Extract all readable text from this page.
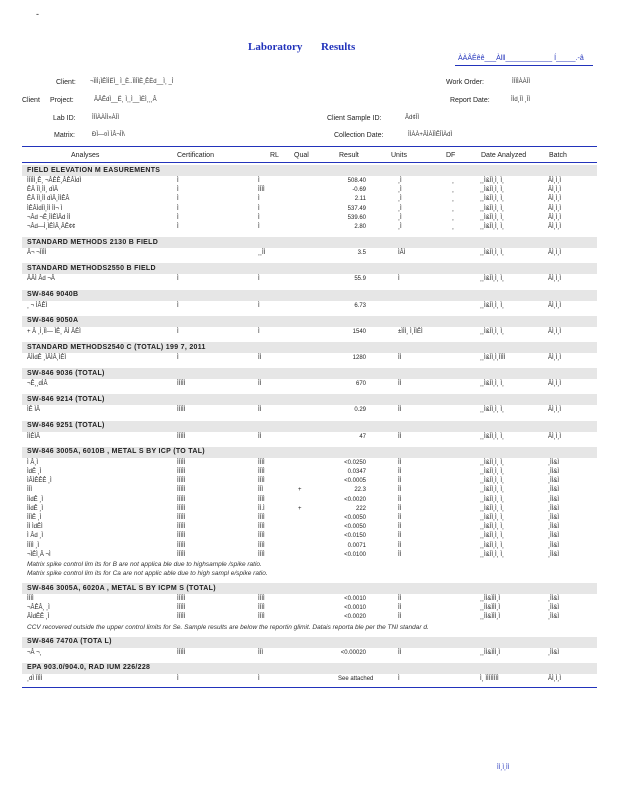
-
Laboratory Results
ÀÀÂÊêê___Àlll____________ Í_____.-â
Client: ¬ÌÌÌ¡ÌÊÌÌËÌ_ Ì_È..ÌÌÌÌÈ¸ÊËd__Ì¸ _Ì
Client Project:	ÂÂÊdÌ__Ë¸ Ì¸¸Ì__ÌËÌ¸¸¸Â
Lab ID:	ÌÌÌÀÀÌÌ»ÀÌÌ
Matrix:	ÐÌ—¤Ì ÌÂ¬ÌÌ\
Work Order:	ÌÌÌÌÀÀÌÌ
Report Date:	ÌÌd¸ÌÌ ¸ÌÌ
Client Sample ID:	Âd¢ÌÌ
Collection Date:	ÌÌÀÀ+ÂÌÀÌÌÊÌÌÀdÌ
Analyses	Certification	RL Qual	Result	Units	DF	Date Analyzed	Batch
FIELD ELEVATION M EASUREMENTS
ÌÌÌÌÌ¸Ê¸ ¬ÂÊÊ¸ÂÊÂÌdÌ	Ì	Ì	508.40	¸Ì	¸	¸¸Ì&ÌÌ¸Ì¸ Ì¸	ÂÌ¸Ì¸Ì
ÊÂ ÌÌ¸ÌÌ¸ dÌÂ	Ì	ÌÌÌÌ	-0.69	¸Ì	¸	¸¸Ì&ÌÌ¸Ì¸ Ì¸	ÂÌ¸Ì¸Ì
ÊÂ ÌÌ¸ÌÌ dÌÂ¸ÌÌÊÂ	Ì	Ì	2.11	¸Ì	¸	¸¸Ì&ÌÌ¸Ì¸ Ì¸	ÂÌ¸Ì¸Ì
ÌÊÂÌdÌÌ¸ÌÌ ÌÌ¬ Ì	Ì	Ì	537.49	¸Ì	¸	¸¸Ì&ÌÌ¸Ì¸ Ì¸	ÂÌ¸Ì¸Ì
¬Âd ¬Ê¸ÌÌÊÌÂd ÌÌ	Ì	Ì	539.60	¸Ì	¸	¸¸Ì&ÌÌ¸Ì¸ Ì¸	ÂÌ¸Ì¸Ì
¬Âd—Ì¸ÌÊÌÂ¸ÂÊ¢¢	Ì	Ì	2.80	¸Ì	¸	¸¸Ì&ÌÌ¸Ì¸ Ì¸	ÂÌ¸Ì¸Ì
STANDARD METHODS 2130 B FIELD
Â¬ ¬ÌÌÌÌ	¸¸ÌÌ	3.5	ÌÂÌ	¸¸Ì&ÌÌ¸Ì¸ Ì¸	ÂÌ¸Ì¸Ì
STANDARD METHODS2550 B FIELD
ÂÂÌ Âd ¬Â	Ì	Ì	55.9	Ì	¸¸Ì&ÌÌ¸Ì¸ Ì¸	ÂÌ¸Ì¸Ì
SW-846 9040B
¸ ¬ ÌÂÊÌ	Ì	Ì	6.73	¸¸Ì&ÌÌ¸Ì¸ Ì¸	ÂÌ¸Ì¸Ì
SW-846 9050A
+ Â ¸Ì¸ÌÌ— ÌÊ¸ ÂÌ ÂÊÌ	Ì	Ì	1540	±ÌÌÌ¸ Ì¸ÌÌÊÌ	¸¸Ì&ÌÌ¸Ì¸ Ì¸	ÂÌ¸Ì¸Ì
STANDARD METHODS2540 C (TOTAL) 199 7, 2011
ÂÌÌdÊ ¸ÌÂÌÂ¸ÌÊÌ	Ì	ÌÌ	1280	ÌÌ	¸¸Ì&ÌÌ¸Ì¸ÌÌÌÌ	ÂÌ¸Ì¸Ì
SW-846 9036 (TOTAL)
¬Ê¸¸dÌÂ	ÌÌÌÌÌ	ÌÌ	670	ÌÌ	¸¸Ì&ÌÌ¸Ì¸ Ì¸	ÂÌ¸Ì¸Ì
SW-846 9214 (TOTAL)
ÌÊ ÌÂ	ÌÌÌÌÌ	ÌÌ	0.29	ÌÌ	¸¸Ì&ÌÌ¸Ì¸ Ì¸	ÂÌ¸Ì¸Ì
SW-846 9251 (TOTAL)
ÌÌÊÌÂ	ÌÌÌÌÌ	ÌÌ	47	ÌÌ	¸¸Ì&ÌÌ¸Ì¸ Ì¸	ÂÌ¸Ì¸Ì
SW-846 3005A, 6010B , METAL S BY ICP (TO TAL)
Ì Â¸Ì	ÌÌÌÌÌ	ÌÌÌÌ	<0.0250	ÌÌ	¸¸Ì&ÌÌ¸Ì¸ Ì¸	¸ÌÌ&Ì
ÌdÊ ¸Ì	ÌÌÌÌÌ	ÌÌÌÌ	0.0347	ÌÌ	¸¸Ì&ÌÌ¸Ì¸ Ì¸	¸ÌÌ&Ì
ÌÂÌÊÊÊ ¸Ì	ÌÌÌÌÌ	ÌÌÌÌ	<0.0005	ÌÌ	¸¸Ì&ÌÌ¸Ì¸ Ì¸	¸ÌÌ&Ì
ÌÌÌ	ÌÌÌÌÌ	ÌÌÌ	+	22.3	ÌÌ	¸¸Ì&ÌÌ¸Ì¸ Ì¸	¸ÌÌ&Ì
ÌÌdÊ ¸Ì	ÌÌÌÌÌ	ÌÌÌÌ	<0.0020	ÌÌ	¸¸Ì&ÌÌ¸Ì¸ Ì¸	¸ÌÌ&Ì
ÌÌdÊ ¸Ì	ÌÌÌÌÌ	ÌÌ.Ì	+	222	ÌÌ	¸¸Ì&ÌÌ¸Ì¸ Ì¸	¸ÌÌ&Ì
ÌÌÌÊ ¸Ì	ÌÌÌÌÌ	ÌÌÌÌ	<0.0050	ÌÌ	¸¸Ì&ÌÌ¸Ì¸ Ì¸	¸ÌÌ&Ì
ÌÌ ÌdÊÌ	ÌÌÌÌÌ	ÌÌÌÌ	<0.0050	ÌÌ	¸¸Ì&ÌÌ¸Ì¸ Ì¸	¸ÌÌ&Ì
Ì Âd ¸Ì	ÌÌÌÌÌ	ÌÌÌÌ	<0.0150	ÌÌ	¸¸Ì&ÌÌ¸Ì¸ Ì¸	¸ÌÌ&Ì
ÌÌÌÌ ¸Ì	ÌÌÌÌÌ	ÌÌÌÌ	0.0071	ÌÌ	¸¸Ì&ÌÌ¸Ì¸ Ì¸	¸ÌÌ&Ì
¬ÌÊÌ¸Â ¬Ì	ÌÌÌÌÌ	ÌÌÌÌ	<0.0100	ÌÌ	¸¸Ì&ÌÌ¸Ì¸ Ì¸	¸ÌÌ&Ì
Matrix spike control lim its for B are not applica ble due to highsample /spike ratio.
Matrix spike control lim its for Ca are not applic able due to high sampl e/spike ratio.
SW-846 3005A, 6020A , METAL S BY ICPM S (TOTAL)
ÌÌÌÌ	ÌÌÌÌÌ	ÌÌÌÌ	<0.0010	ÌÌ	¸¸ÌÌ&ÌÌÌ¸Ì	¸ÌÌ&Ì
¬ÂÊÂ¸ ¸Ì	ÌÌÌÌÌ	ÌÌÌÌ	<0.0010	ÌÌ	¸¸ÌÌ&ÌÌÌ¸Ì	¸ÌÌ&Ì
ÂÌdÊÊ ¸Ì	ÌÌÌÌÌ	ÌÌÌÌ	<0.0020	ÌÌ	¸¸ÌÌ&ÌÌÌ¸Ì	¸ÌÌ&Ì
CCV recovered outside the upper control limits for Se. Sample results are below the reportin glimit. Datais reporta ble per the TNI standar d.
SW-846 7470A (TOTA L)
¬Â ¬¸	ÌÌÌÌÌ	ÌÌÌ	<0.00020	ÌÌ	¸¸ÌÌ&ÌÌÌ¸Ì	¸ÌÌ&Ì
EPA 903.0/904.0, RAD IUM 226/228
¸dÌ ÌÌÌÌ	Ì	Ì	See attached	Ì	Ì¸ ÌÌÌÌÌÌÌÌ	ÂÌ¸Ì¸Ì
ÌÌ¸Ì¸ÌÌ
